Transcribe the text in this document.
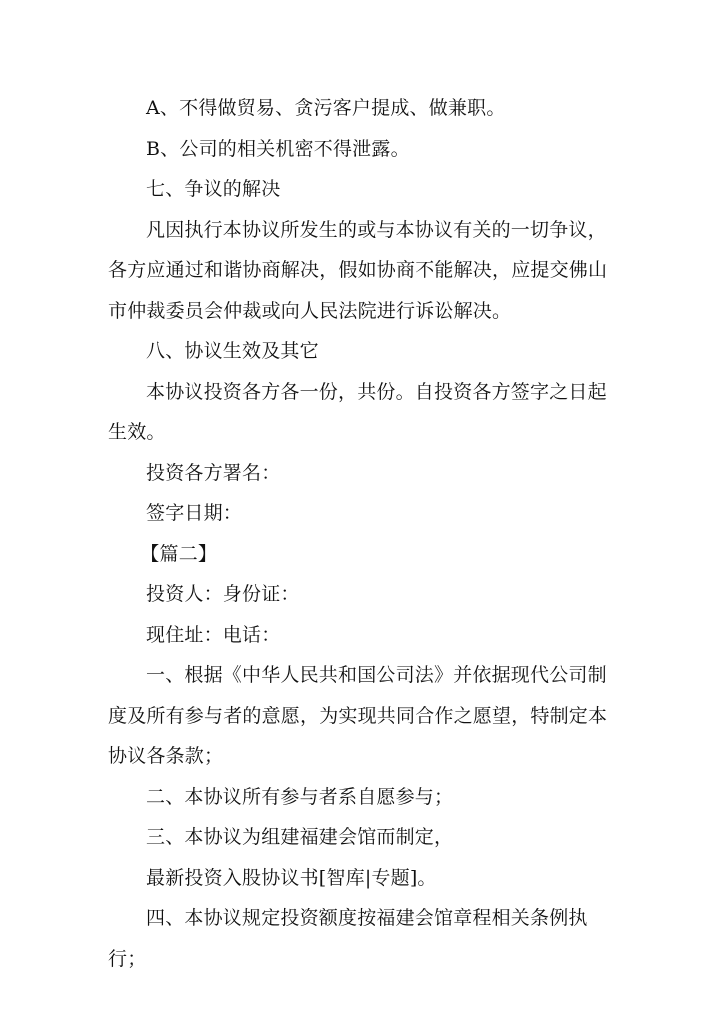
A、不得做贸易、贪污客户提成、做兼职。

B、公司的相关机密不得泄露。

七、争议的解决

凡因执行本协议所发生的或与本协议有关的一切争议，各方应通过和谐协商解决，假如协商不能解决，应提交佛山市仲裁委员会仲裁或向人民法院进行诉讼解决。

八、协议生效及其它

本协议投资各方各一份，共份。自投资各方签字之日起生效。

投资各方署名：

签字日期：

【篇二】

投资人：身份证：

现住址：电话：

一、根据《中华人民共和国公司法》并依据现代公司制度及所有参与者的意愿，为实现共同合作之愿望，特制定本协议各条款；

二、本协议所有参与者系自愿参与；

三、本协议为组建福建会馆而制定，

最新投资入股协议书[智库|专题]。

四、本协议规定投资额度按福建会馆章程相关条例执行；
